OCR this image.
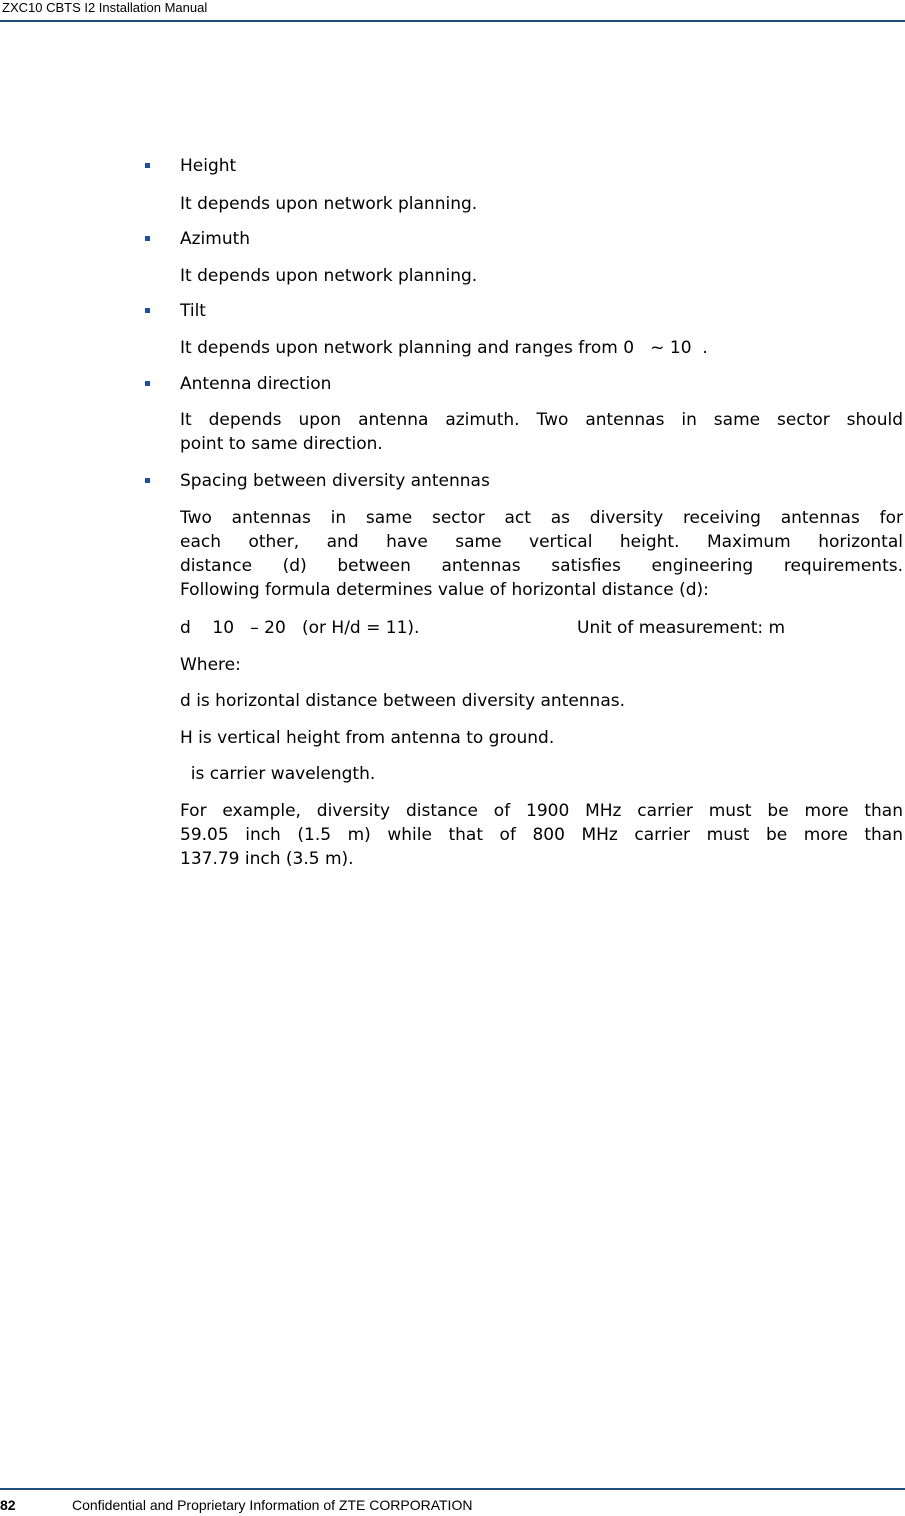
ZXC10 CBTS I2 Installation Manual
Height
It depends upon network planning.
Azimuth
It depends upon network planning.
Tilt
It depends upon network planning and ranges from 0   ~ 10  .
Antenna direction
It depends upon antenna azimuth. Two antennas in same sector should
point to same direction.
Spacing between diversity antennas
Two antennas in same sector act as diversity receiving antennas for
each other, and have same vertical height. Maximum horizontal
distance (d) between antennas satisfies engineering requirements.
Following formula determines value of horizontal distance (d):
d    10   – 20   (or H/d = 11).	Unit of measurement: m
Where:
d is horizontal distance between diversity antennas.
H is vertical height from antenna to ground.
is carrier wavelength.
For example, diversity distance of 1900 MHz carrier must be more than
59.05 inch (1.5 m) while that of 800 MHz carrier must be more than
137.79 inch (3.5 m).
82	Confidential and Proprietary Information of ZTE CORPORATION
